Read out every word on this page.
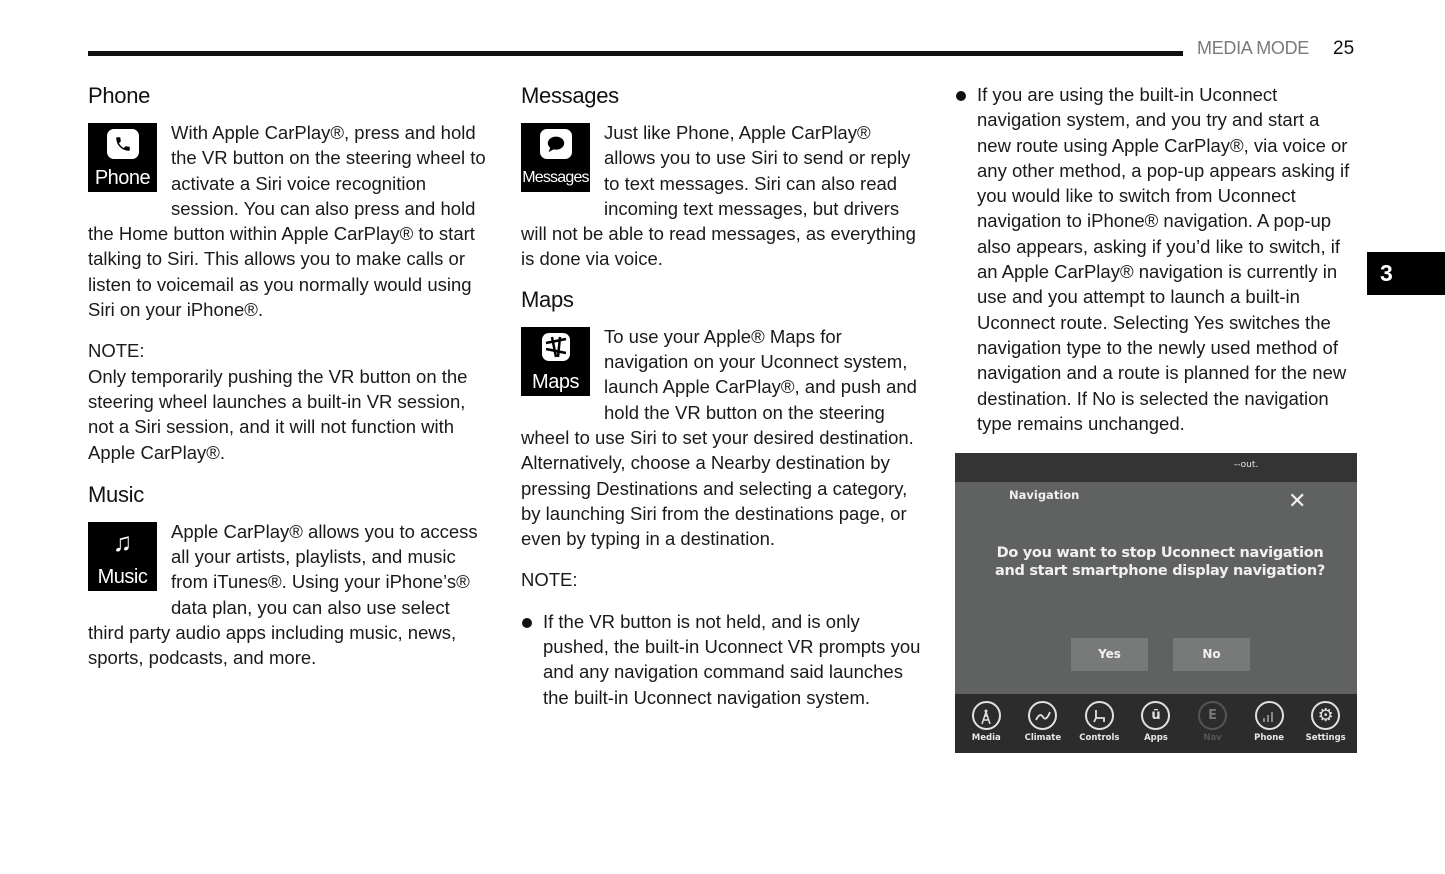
MEDIA MODE 25
3
Phone
Phone

With Apple CarPlay®, press and hold the VR button on the steering wheel to activate a Siri voice recognition session. You can also press and hold the Home button within Apple CarPlay® to start talking to Siri. This allows you to make calls or listen to voicemail as you normally would using Siri on your iPhone®.

NOTE:

Only temporarily pushing the VR button on the steering wheel launches a built-in VR session, not a Siri session, and it will not function with Apple CarPlay®.

Music
♫
Music

Apple CarPlay® allows you to access all your artists, playlists, and music from iTunes®. Using your iPhone’s® data plan, you can also use select third party audio apps including music, news, sports, podcasts, and more.

Messages
Messages

Just like Phone, Apple CarPlay® allows you to use Siri to send or reply to text messages. Siri can also read incoming text messages, but drivers will not be able to read messages, as everything is done via voice.

Maps
Maps

To use your Apple® Maps for navigation on your Uconnect system, launch Apple CarPlay®, and push and hold the VR button on the steering wheel to use Siri to set your desired destination. Alternatively, choose a Nearby destination by pressing Destinations and selecting a category, by launching Siri from the destinations page, or even by typing in a destination.

NOTE:

If the VR button is not held, and is only pushed, the built-in Uconnect VR prompts you and any navigation command said launches the built-in Uconnect navigation system.

If you are using the built-in Uconnect navigation system, and you try and start a new route using Apple CarPlay®, via voice or any other method, a pop-up appears asking if you would like to switch from Uconnect navigation to iPhone® navigation. A pop-up also appears, asking if you’d like to switch, if an Apple CarPlay® navigation is currently in use and you attempt to launch a built-in Uconnect route. Selecting Yes switches the navigation type to the newly used method of navigation and a route is planned for the new destination. If No is selected the navigation type remains unchanged.

--out.
Navigation	✕
Do you want to stop Uconnect navigation and start smartphone display navigation?
Yes	No
Media	Climate Controls
ū
Apps
E
Nav	Phone
⚙
Settings
